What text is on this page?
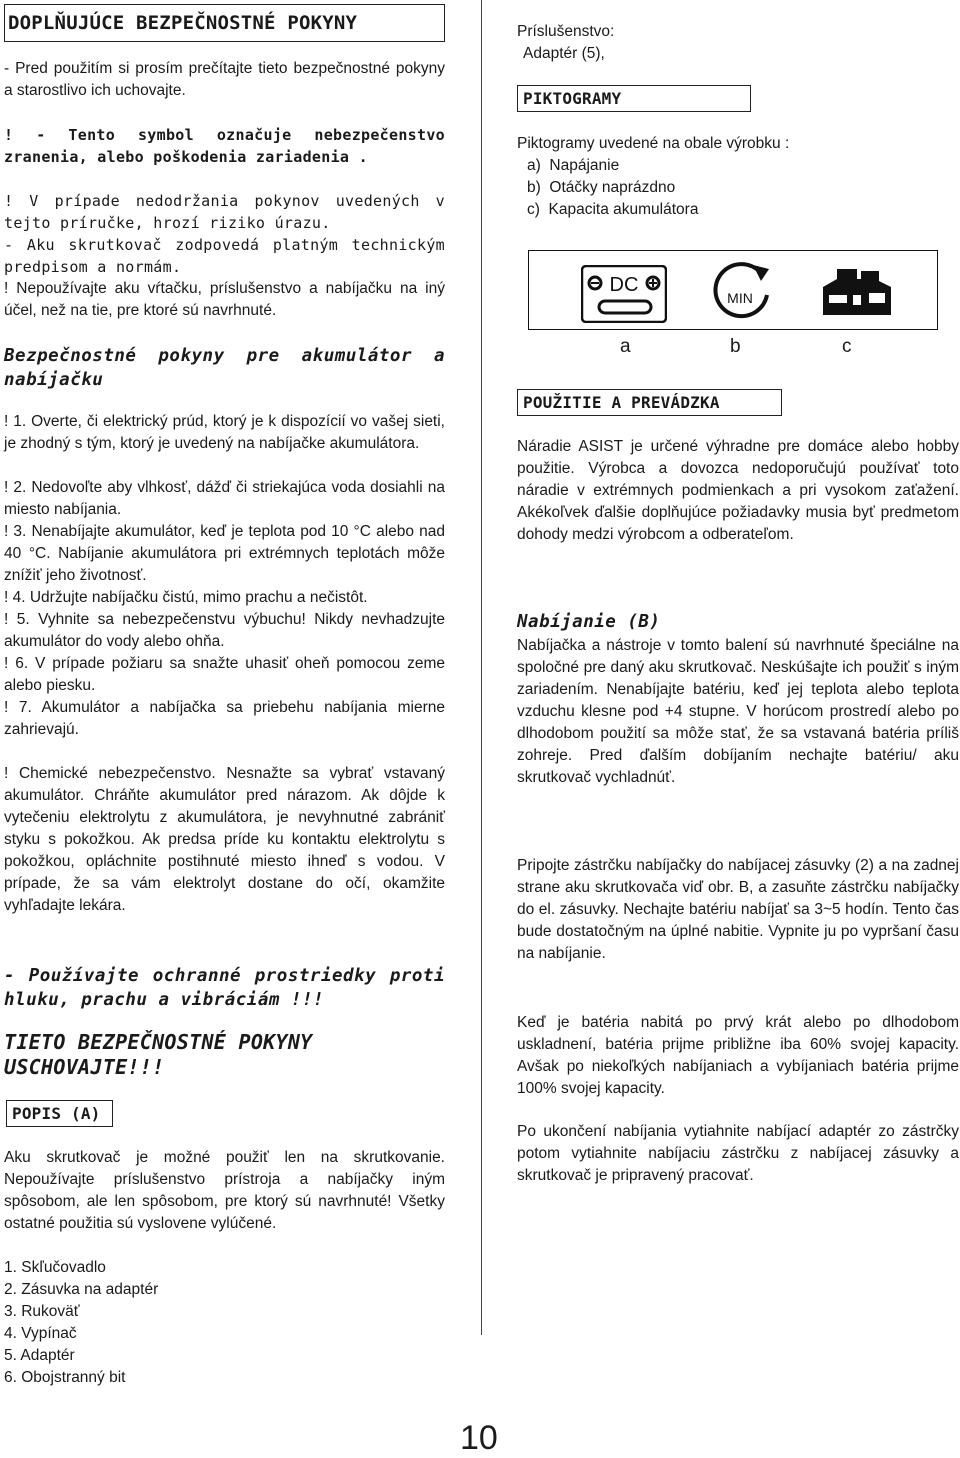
DOPLŇUJÚCE BEZPEČNOSTNÉ POKYNY

- Pred použitím si prosím prečítajte tieto bezpečnostné pokyny a starostlivo ich uchovajte.

! - Tento symbol označuje nebezpečenstvo zranenia, alebo poškodenia zariadenia .

! V prípade nedodržania pokynov uvedených v tejto príručke, hrozí riziko úrazu.

- Aku skrutkovač zodpovedá platným technickým predpisom a normám.

! Nepoužívajte aku vŕtačku, príslušenstvo a nabíjačku na iný účel, než na tie, pre ktoré sú navrhnuté.

Bezpečnostné pokyny pre akumulátor a nabíjačku

! 1. Overte, či elektrický prúd, ktorý je k dispozícií vo vašej sieti, je zhodný s tým, ktorý je uvedený na nabíjačke akumulátora.

! 2. Nedovoľte aby vlhkosť, dážď či striekajúca voda dosiahli na miesto nabíjania.

! 3. Nenabíjajte akumulátor, keď je teplota pod 10 °C alebo nad 40 °C. Nabíjanie akumulátora pri extrémnych teplotách môže znížiť jeho životnosť.

! 4. Udržujte nabíjačku čistú, mimo prachu a nečistôt.

! 5. Vyhnite sa nebezpečenstvu výbuchu! Nikdy nevhadzujte akumulátor do vody alebo ohňa.

! 6. V prípade požiaru sa snažte uhasiť oheň pomocou zeme alebo piesku.

! 7. Akumulátor a nabíjačka sa priebehu nabíjania mierne zahrievajú.

! Chemické nebezpečenstvo. Nesnažte sa vybrať vstavaný akumulátor. Chráňte akumulátor pred nárazom. Ak dôjde k vytečeniu elektrolytu z akumulátora, je nevyhnutné zabrániť styku s pokožkou. Ak predsa príde ku kontaktu elektrolytu s pokožkou, opláchnite postihnuté miesto ihneď s vodou. V prípade, že sa vám elektrolyt dostane do očí, okamžite vyhľadajte lekára.

- Používajte ochranné prostriedky proti hluku, prachu a vibráciám !!!
TIETO BEZPEČNOSTNÉ POKYNY USCHOVAJTE!!!
POPIS (A)

Aku skrutkovač je možné použiť len na skrutkovanie. Nepoužívajte príslušenstvo prístroja a nabíjačky iným spôsobom, ale len spôsobom, pre ktorý sú navrhnuté! Všetky ostatné použitia sú vyslovene vylúčené.

1. Skľučovadlo
2. Zásuvka na adaptér
3. Rukoväť
4. Vypínač
5. Adaptér
6. Obojstranný bit

Príslušenstvo:

Adaptér (5),

PIKTOGRAMY

Piktogramy uvedené na obale výrobku :

a)  Napájanie

b)  Otáčky naprázdno

c)  Kapacita akumulátora

DC
MIN
a	b	c
POUŽITIE A PREVÁDZKA

Náradie ASIST je určené výhradne pre domáce alebo hobby použitie. Výrobca a dovozca nedoporučujú používať toto náradie v extrémnych podmienkach a pri vysokom zaťažení. Akékoľvek ďalšie doplňujúce požiadavky musia byť predmetom dohody medzi výrobcom a odberateľom.

Nabíjanie (B)

Nabíjačka a nástroje v tomto balení sú navrhnuté špeciálne na spoločné pre daný aku skrutkovač. Neskúšajte ich použiť s iným zariadením. Nenabíjajte batériu, keď jej teplota alebo teplota vzduchu klesne pod +4 stupne. V horúcom prostredí alebo po dlhodobom použití sa môže stať, že sa vstavaná batéria príliš zohreje. Pred ďalším dobíjaním nechajte batériu/ aku skrutkovač vychladnúť.

Pripojte zástrčku nabíjačky do nabíjacej zásuvky (2) a na zadnej strane aku skrutkovača viď obr. B, a zasuňte zástrčku nabíjačky do el. zásuvky. Nechajte batériu nabíjať sa 3~5 hodín. Tento čas bude dostatočným na úplné nabitie. Vypnite ju po vypršaní času na nabíjanie.

Keď je batéria nabitá po prvý krát alebo po dlhodobom uskladnení, batéria prijme približne iba 60% svojej kapacity. Avšak po niekoľkých nabíjaniach a vybíjaniach batéria prijme 100% svojej kapacity.

Po ukončení nabíjania vytiahnite nabíjací adaptér zo zástrčky potom vytiahnite nabíjaciu zástrčku z nabíjacej zásuvky a skrutkovač je pripravený pracovať.

10
